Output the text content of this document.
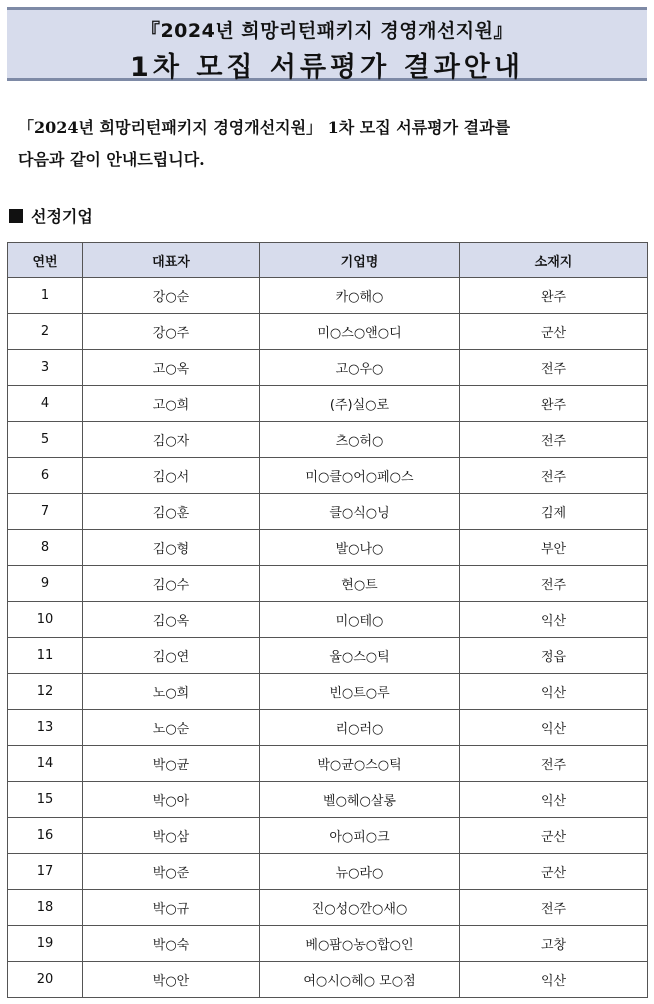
『2024년 희망리턴패키지 경영개선지원』
1차 모집 서류평가 결과안내
「2024년 희망리턴패키지 경영개선지원」 1차 모집 서류평가 결과를
다음과 같이 안내드립니다.
선정기업
연번	대표자	기업명	소재지
1	강○순	카○해○	완주
2	강○주	미○스○앤○디	군산
3	고○옥	고○우○	전주
4	고○희	(주)실○로	완주
5	김○자	츠○허○	전주
6	김○서	미○클○어○페○스	전주
7	김○훈	클○식○닝	김제
8	김○형	발○나○	부안
9	김○수	현○트	전주
10	김○옥	미○테○	익산
11	김○연	율○스○틱	정읍
12	노○희	빈○트○루	익산
13	노○순	리○러○	익산
14	박○균	박○균○스○틱	전주
15	박○아	벨○헤○살롱	익산
16	박○삼	아○피○크	군산
17	박○준	뉴○라○	군산
18	박○규	진○성○깐○새○	전주
19	박○숙	베○팜○농○합○인	고창
20	박○안	여○시○헤○ 모○점	익산
